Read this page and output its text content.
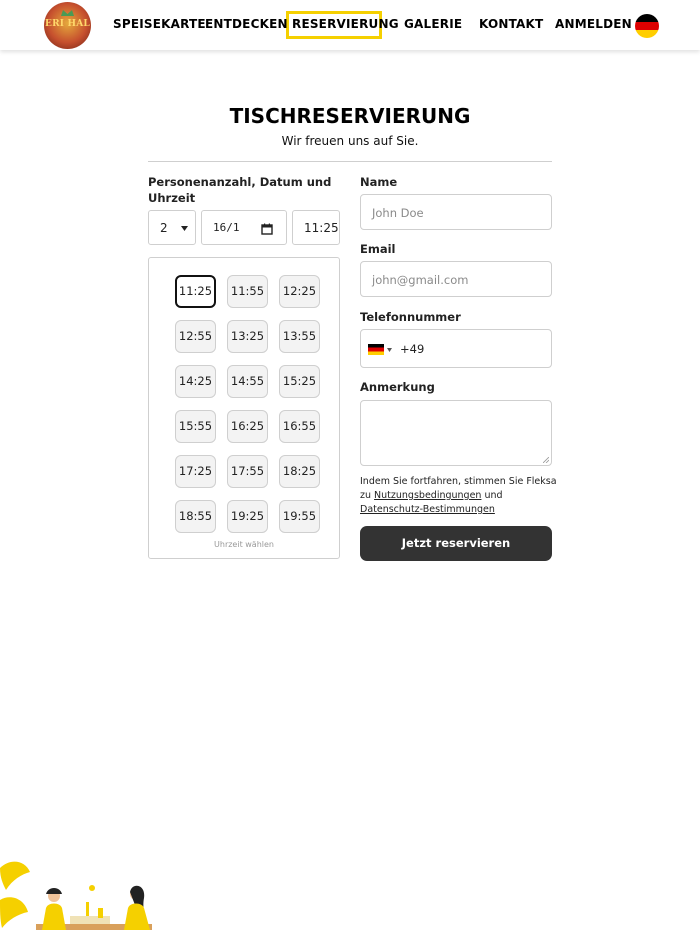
ERI HAL SPEISEKARTE ENTDECKEN RESERVIERUNG GALERIE KONTAKT ANMELDEN
TISCHRESERVIERUNG
Wir freuen uns auf Sie.
Personenanzahl, Datum und
Uhrzeit
2	16/1	11:25
11:25	11:55	12:25
12:55	13:25	13:55
14:25	14:55	15:25
15:55	16:25	16:55
17:25	17:55	18:25
18:55	19:25	19:55
Uhrzeit wählen
Name
John Doe
Email
john@gmail.com
Telefonnummer
+49
Anmerkung
Indem Sie fortfahren, stimmen Sie Fleksa
zu Nutzungsbedingungen und
Datenschutz-Bestimmungen
Jetzt reservieren
